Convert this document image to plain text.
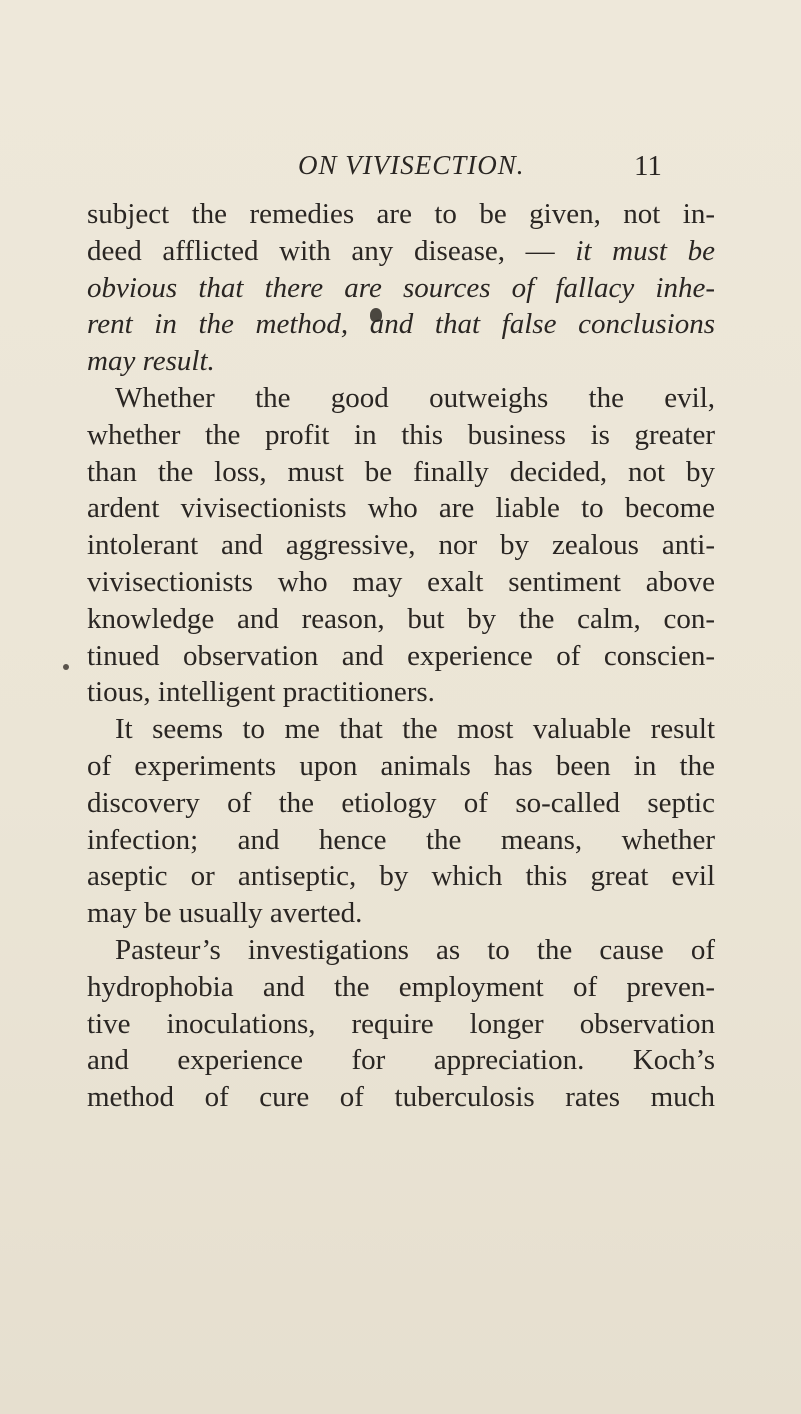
ON VIVISECTION.	11
subject the remedies are to be given, not in-
deed afflicted with any disease, — it must be
obvious that there are sources of fallacy inhe-
rent in the method, and that false conclusions
may result.
Whether the good outweighs the evil,
whether the profit in this business is greater
than the loss, must be finally decided, not by
ardent vivisectionists who are liable to become
intolerant and aggressive, nor by zealous anti-
vivisectionists who may exalt sentiment above
knowledge and reason, but by the calm, con-
tinued observation and experience of conscien-
tious, intelligent practitioners.
It seems to me that the most valuable result
of experiments upon animals has been in the
discovery of the etiology of so-called septic
infection; and hence the means, whether
aseptic or antiseptic, by which this great evil
may be usually averted.
Pasteur’s investigations as to the cause of
hydrophobia and the employment of preven-
tive inoculations, require longer observation
and experience for appreciation. Koch’s
method of cure of tuberculosis rates much
